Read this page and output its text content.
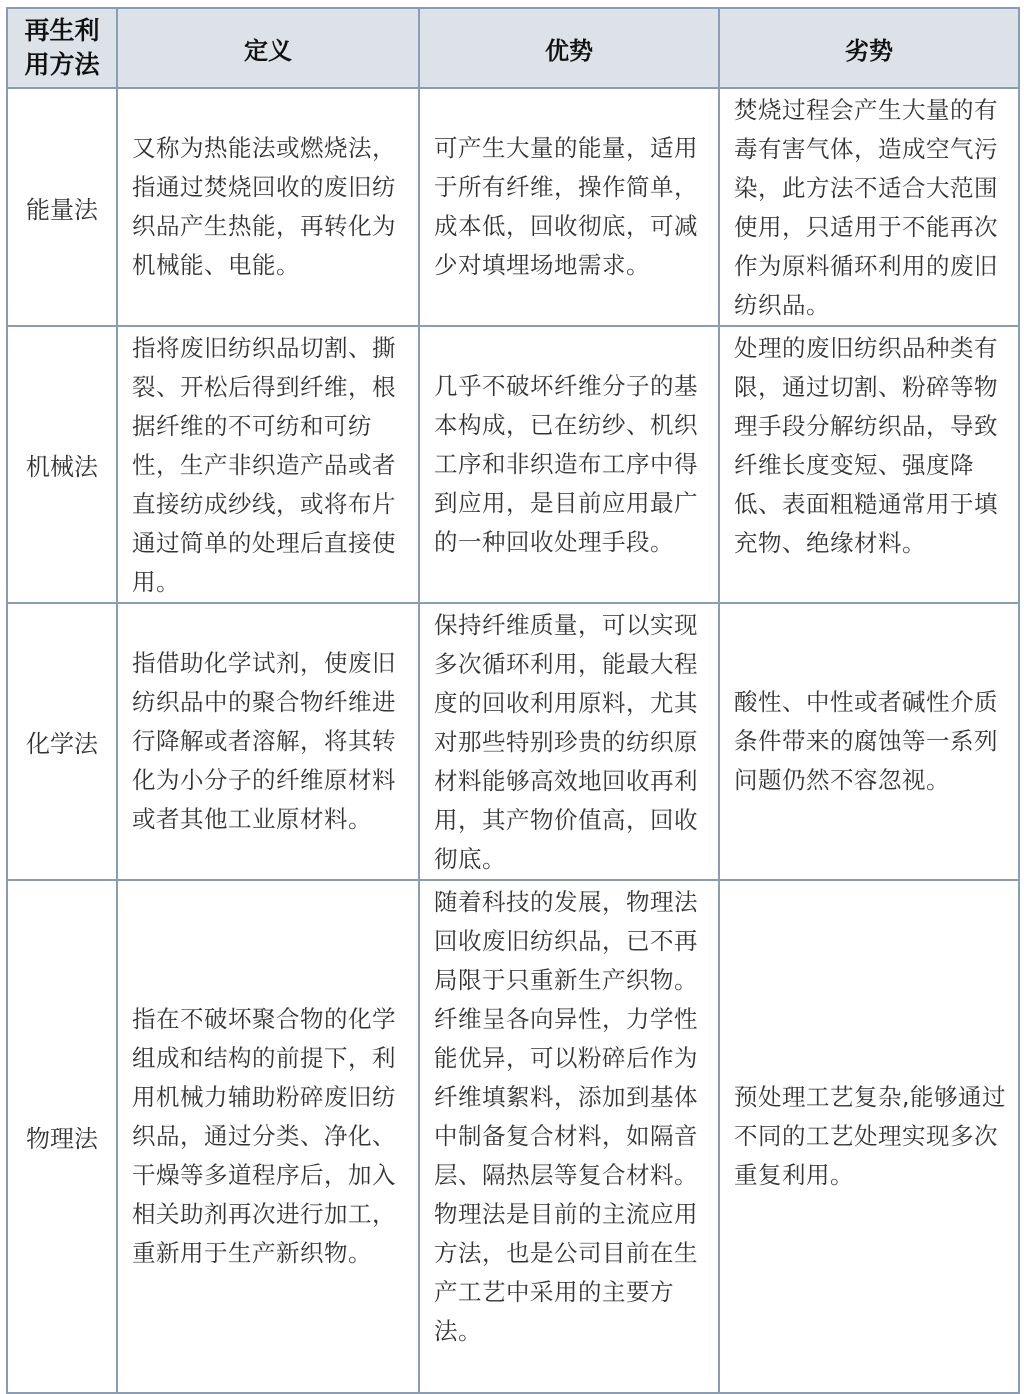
再生利用方法	定义	优势	劣势
能量法	又称为热能法或燃烧法，指通过焚烧回收的废旧纺织品产生热能，再转化为机械能、电能。	可产生大量的能量，适用于所有纤维，操作简单，成本低，回收彻底，可减少对填埋场地需求。	焚烧过程会产生大量的有毒有害气体，造成空气污染，此方法不适合大范围使用，只适用于不能再次作为原料循环利用的废旧纺织品。
机械法	指将废旧纺织品切割、撕裂、开松后得到纤维，根据纤维的不可纺和可纺性，生产非织造产品或者直接纺成纱线，或将布片通过简单的处理后直接使用。	几乎不破坏纤维分子的基本构成，已在纺纱、机织工序和非织造布工序中得到应用，是目前应用最广的一种回收处理手段。	处理的废旧纺织品种类有限，通过切割、粉碎等物理手段分解纺织品，导致纤维长度变短、强度降低、表面粗糙通常用于填充物、绝缘材料。
化学法	指借助化学试剂，使废旧纺织品中的聚合物纤维进行降解或者溶解，将其转化为小分子的纤维原材料或者其他工业原材料。	保持纤维质量，可以实现多次循环利用，能最大程度的回收利用原料，尤其对那些特别珍贵的纺织原材料能够高效地回收再利用，其产物价值高，回收彻底。	酸性、中性或者碱性介质条件带来的腐蚀等一系列问题仍然不容忽视。
物理法	指在不破坏聚合物的化学组成和结构的前提下，利用机械力辅助粉碎废旧纺织品，通过分类、净化、干燥等多道程序后，加入相关助剂再次进行加工，重新用于生产新织物。	随着科技的发展，物理法回收废旧纺织品，已不再局限于只重新生产织物。纤维呈各向异性，力学性能优异，可以粉碎后作为纤维填絮料，添加到基体中制备复合材料，如隔音层、隔热层等复合材料。物理法是目前的主流应用方法，也是公司目前在生产工艺中采用的主要方法。	预处理工艺复杂,能够通过不同的工艺处理实现多次重复利用。
